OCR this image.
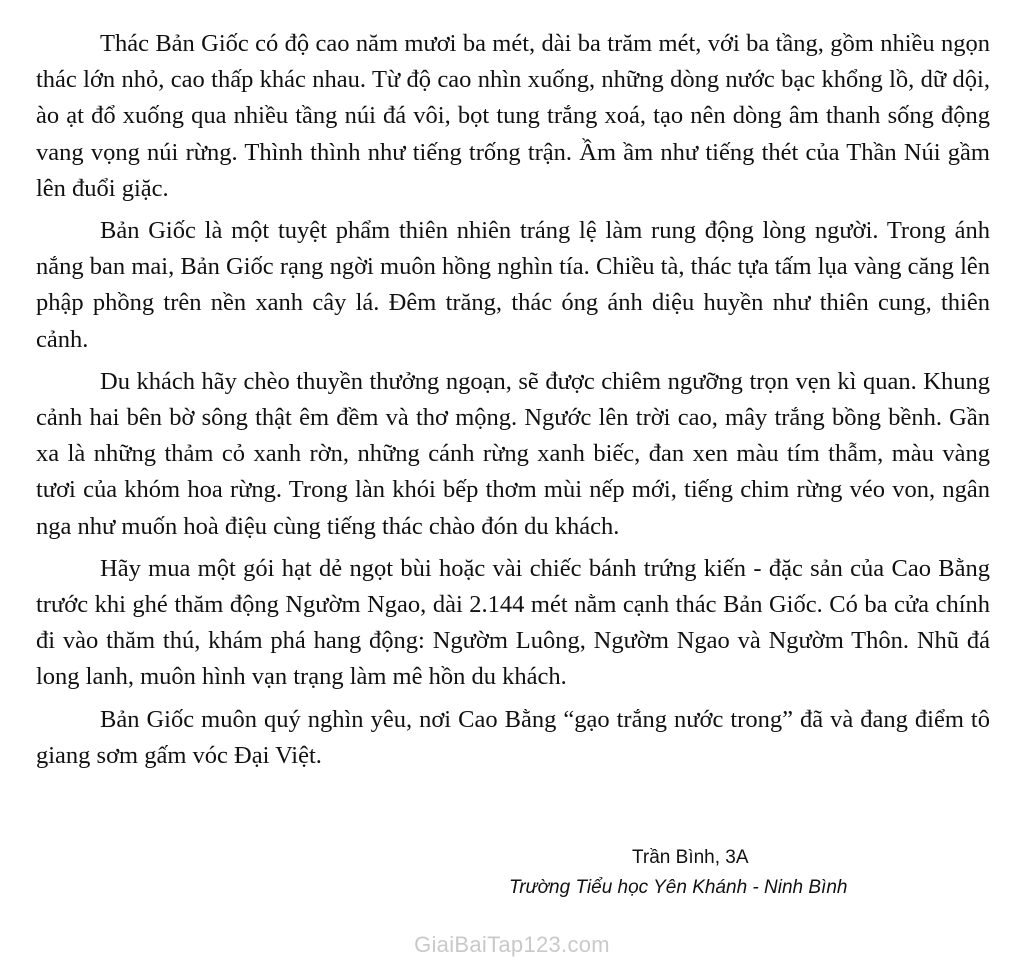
Thác Bản Giốc có độ cao năm mươi ba mét, dài ba trăm mét, với ba tầng, gồm nhiều ngọn thác lớn nhỏ, cao thấp khác nhau. Từ độ cao nhìn xuống, những dòng nước bạc khổng lồ, dữ dội, ào ạt đổ xuống qua nhiều tầng núi đá vôi, bọt tung trắng xoá, tạo nên dòng âm thanh sống động vang vọng núi rừng. Thình thình như tiếng trống trận. Ầm ầm như tiếng thét của Thần Núi gầm lên đuổi giặc.

Bản Giốc là một tuyệt phẩm thiên nhiên tráng lệ làm rung động lòng người. Trong ánh nắng ban mai, Bản Giốc rạng ngời muôn hồng nghìn tía. Chiều tà, thác tựa tấm lụa vàng căng lên phập phồng trên nền xanh cây lá. Đêm trăng, thác óng ánh diệu huyền như thiên cung, thiên cảnh.

Du khách hãy chèo thuyền thưởng ngoạn, sẽ được chiêm ngưỡng trọn vẹn kì quan. Khung cảnh hai bên bờ sông thật êm đềm và thơ mộng. Ngước lên trời cao, mây trắng bồng bềnh. Gần xa là những thảm cỏ xanh rờn, những cánh rừng xanh biếc, đan xen màu tím thẫm, màu vàng tươi của khóm hoa rừng. Trong làn khói bếp thơm mùi nếp mới, tiếng chim rừng véo von, ngân nga như muốn hoà điệu cùng tiếng thác chào đón du khách.

Hãy mua một gói hạt dẻ ngọt bùi hoặc vài chiếc bánh trứng kiến - đặc sản của Cao Bằng trước khi ghé thăm động Ngườm Ngao, dài 2.144 mét nằm cạnh thác Bản Giốc. Có ba cửa chính đi vào thăm thú, khám phá hang động: Ngườm Luông, Ngườm Ngao và Ngườm Thôn. Nhũ đá long lanh, muôn hình vạn trạng làm mê hồn du khách.

Bản Giốc muôn quý nghìn yêu, nơi Cao Bằng “gạo trắng nước trong” đã và đang điểm tô giang sơm gấm vóc Đại Việt.

Trần Bình, 3A
Trường Tiểu học Yên Khánh - Ninh Bình
GiaiBaiTap123.com
